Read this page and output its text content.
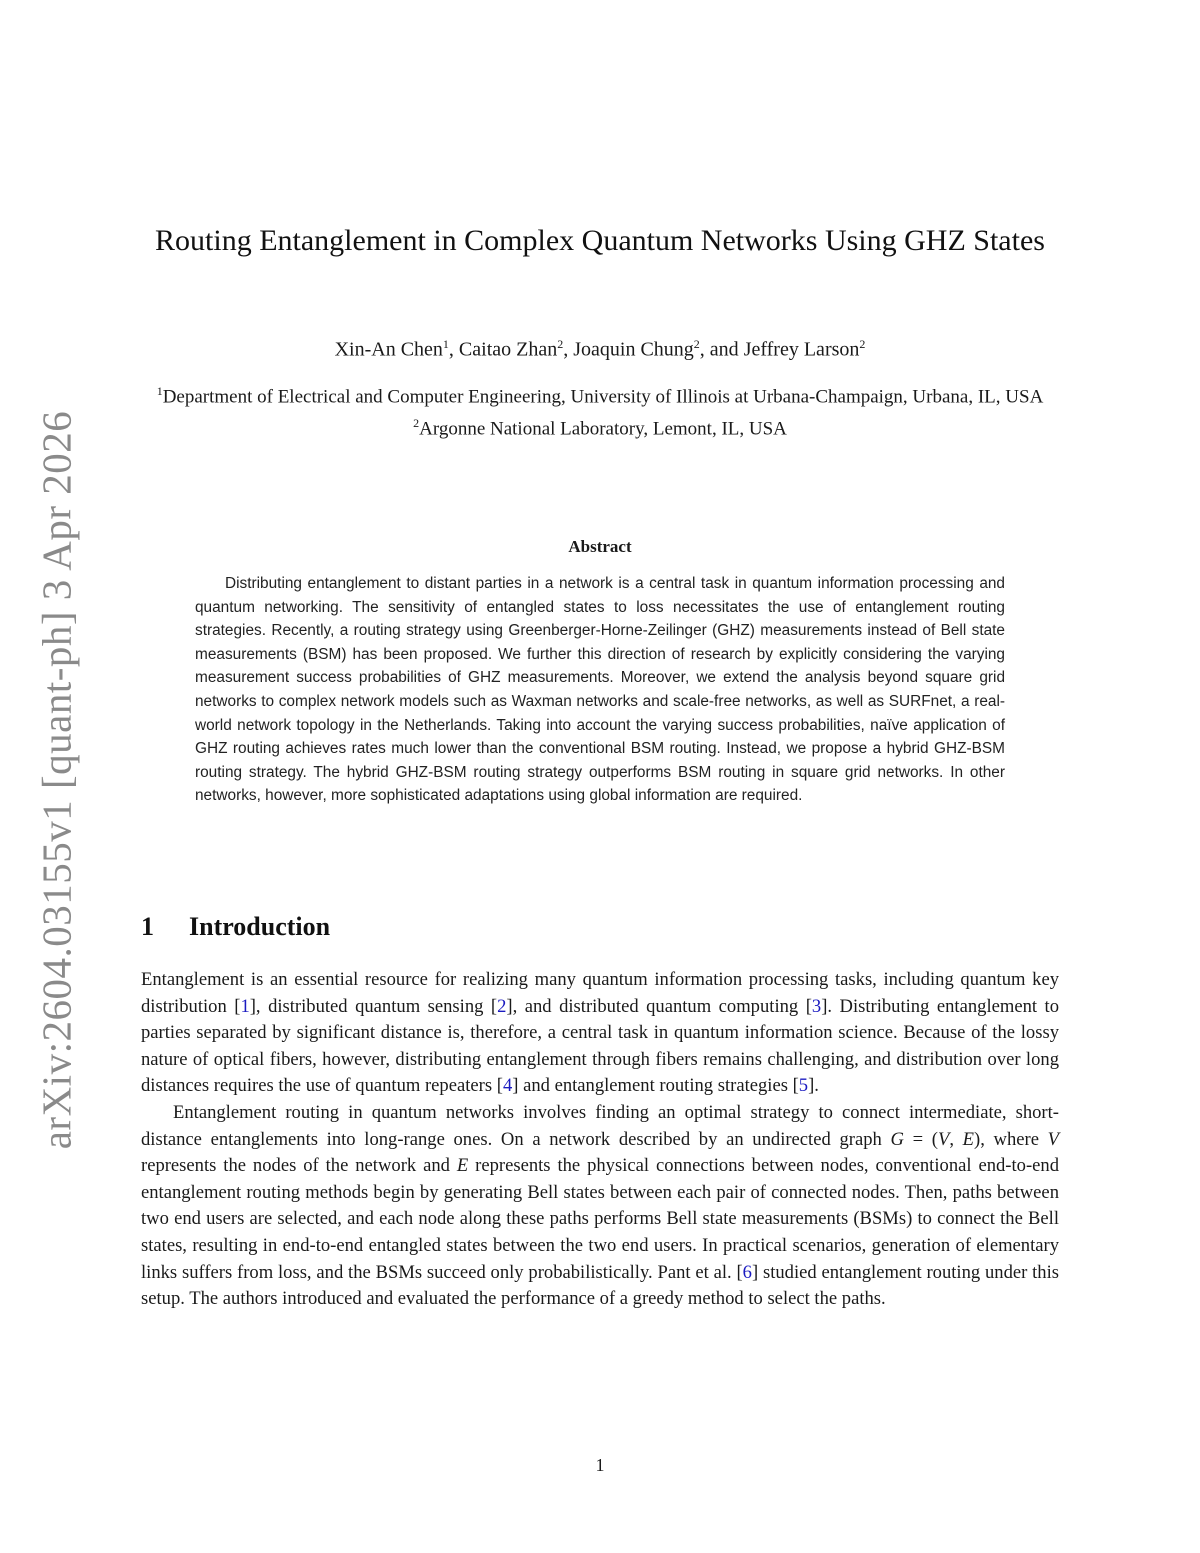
arXiv:2604.03155v1 [quant-ph] 3 Apr 2026
Routing Entanglement in Complex Quantum Networks Using GHZ States
Xin-An Chen$^1$, Caitao Zhan$^2$, Joaquin Chung$^2$, and Jeffrey Larson$^2$
$^1$Department of Electrical and Computer Engineering, University of Illinois at Urbana-Champaign, Urbana, IL, USA
$^2$Argonne National Laboratory, Lemont, IL, USA
Abstract
Distributing entanglement to distant parties in a network is a central task in quantum information processing and quantum networking. The sensitivity of entangled states to loss necessitates the use of entanglement routing strategies. Recently, a routing strategy using Greenberger-Horne-Zeilinger (GHZ) measurements instead of Bell state measurements (BSM) has been proposed. We further this direction of research by explicitly considering the varying measurement success probabilities of GHZ measurements. Moreover, we extend the analysis beyond square grid networks to complex network models such as Waxman networks and scale-free networks, as well as SURFnet, a real-world network topology in the Netherlands. Taking into account the varying success probabilities, naïve application of GHZ routing achieves rates much lower than the conventional BSM routing. Instead, we propose a hybrid GHZ-BSM routing strategy. The hybrid GHZ-BSM routing strategy outperforms BSM routing in square grid networks. In other networks, however, more sophisticated adaptations using global information are required.
1 Introduction

Entanglement is an essential resource for realizing many quantum information processing tasks, including quantum key distribution [1], distributed quantum sensing [2], and distributed quantum computing [3]. Distributing entanglement to parties separated by significant distance is, therefore, a central task in quantum information science. Because of the lossy nature of optical fibers, however, distributing entanglement through fibers remains challenging, and distribution over long distances requires the use of quantum repeaters [4] and entanglement routing strategies [5].

Entanglement routing in quantum networks involves finding an optimal strategy to connect intermediate, short-distance entanglements into long-range ones. On a network described by an undirected graph G = (V, E), where V represents the nodes of the network and E represents the physical connections between nodes, conventional end-to-end entanglement routing methods begin by generating Bell states between each pair of connected nodes. Then, paths between two end users are selected, and each node along these paths performs Bell state measurements (BSMs) to connect the Bell states, resulting in end-to-end entangled states between the two end users. In practical scenarios, generation of elementary links suffers from loss, and the BSMs succeed only probabilistically. Pant et al. [6] studied entanglement routing under this setup. The authors introduced and evaluated the performance of a greedy method to select the paths.

1
